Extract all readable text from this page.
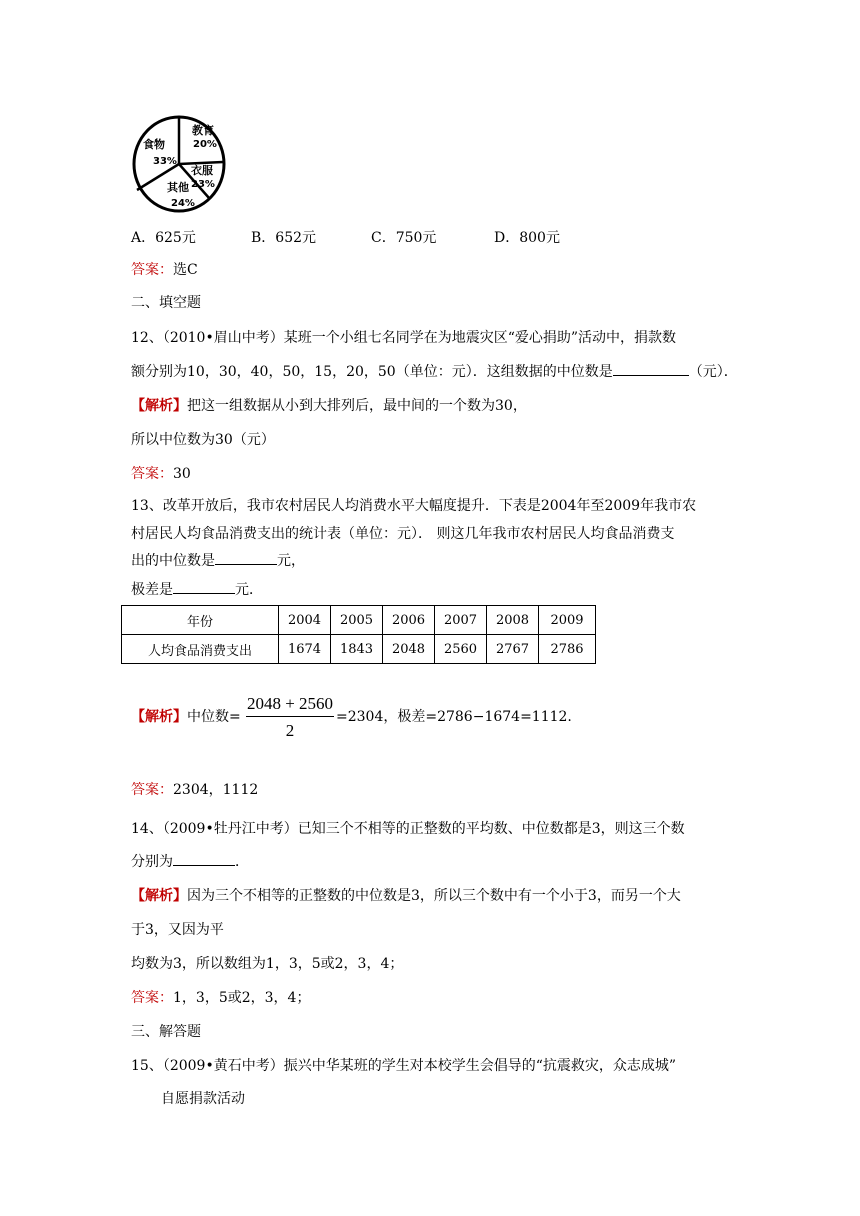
教育
20%
衣服
23%
其他
24%
食物
33%
A．625元	B．652元	C．750元	D．800元
答案：选C
二、填空题
12、（2010•眉山中考）某班一个小组七名同学在为地震灾区“爱心捐助”活动中，捐款数
额分别为10，30，40，50，15，20，50（单位：元）．这组数据的中位数是	（元）．
【解析】把这一组数据从小到大排列后，最中间的一个数为30，
所以中位数为30（元）
答案：30
13、改革开放后，我市农村居民人均消费水平大幅度提升．下表是2004年至2009年我市农
村居民人均食品消费支出的统计表（单位：元）． 则这几年我市农村居民人均食品消费支
出的中位数是	元，
极差是	元．
年份	2004	2005	2006	2007	2008	2009
人均食品消费支出	1674	1843	2048	2560	2767	2786
【解析】中位数= $\frac{2048 + 2560}{2} =2304$，极差=2786−1674=1112.
答案：2304，1112
14、（2009•牡丹江中考）已知三个不相等的正整数的平均数、中位数都是3，则这三个数
分别为	．
【解析】因为三个不相等的正整数的中位数是3，所以三个数中有一个小于3，而另一个大
于3，又因为平
均数为3，所以数组为1，3，5或2，3，4；
答案：1，3，5或2，3，4；
三、解答题
15、（2009•黄石中考）振兴中华某班的学生对本校学生会倡导的“抗震救灾，众志成城”
自愿捐款活动
